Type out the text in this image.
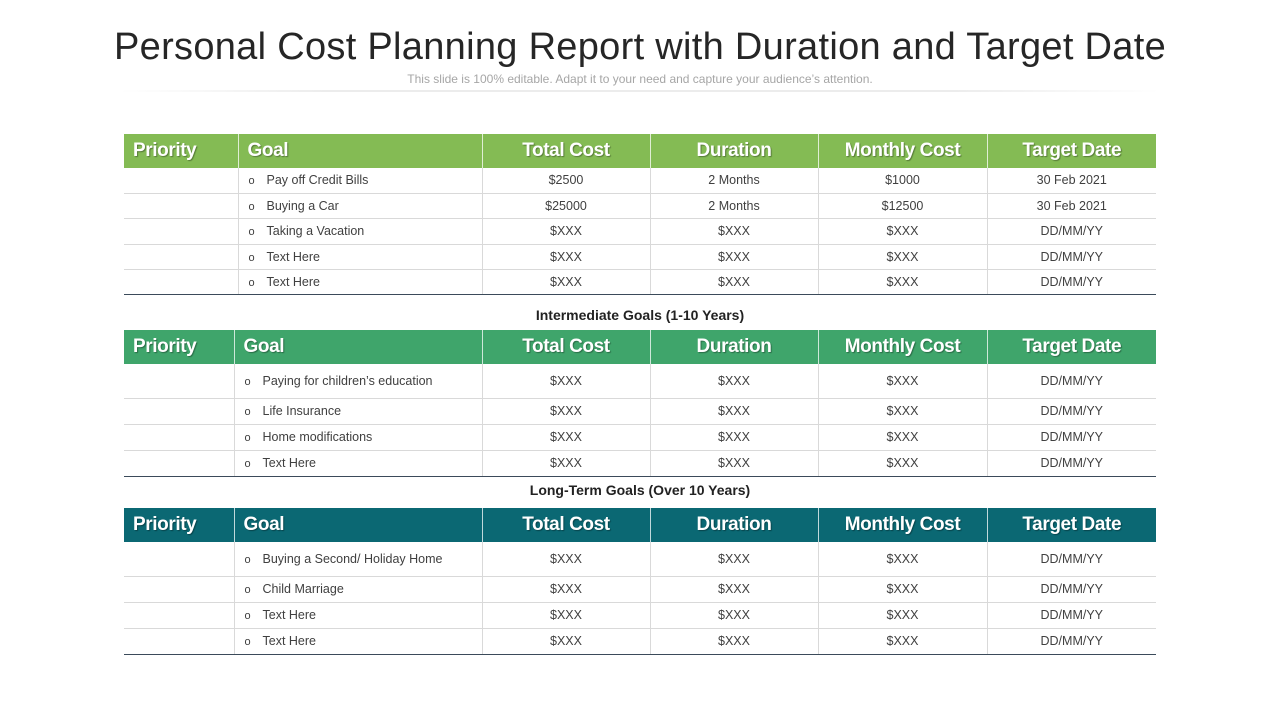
Personal Cost Planning Report with Duration and Target Date
This slide is 100% editable. Adapt it to your need and capture your audience’s attention.
Priority	Goal	Total Cost	Duration	Monthly Cost	Target Date
	o Pay off Credit Bills	$2500	2 Months	$1000	30 Feb 2021
	o Buying a Car	$25000	2 Months	$12500	30 Feb 2021
	o Taking a Vacation	$XXX	$XXX	$XXX	DD/MM/YY
	o Text Here	$XXX	$XXX	$XXX	DD/MM/YY
	o Text Here	$XXX	$XXX	$XXX	DD/MM/YY
Intermediate Goals (1-10 Years)
Priority	Goal	Total Cost	Duration	Monthly Cost	Target Date
	o Paying for children’s education	$XXX	$XXX	$XXX	DD/MM/YY
	o Life Insurance	$XXX	$XXX	$XXX	DD/MM/YY
	o Home modifications	$XXX	$XXX	$XXX	DD/MM/YY
	o Text Here	$XXX	$XXX	$XXX	DD/MM/YY
Long-Term Goals (Over 10 Years)
Priority	Goal	Total Cost	Duration	Monthly Cost	Target Date
	o Buying a Second/ Holiday Home	$XXX	$XXX	$XXX	DD/MM/YY
	o Child Marriage	$XXX	$XXX	$XXX	DD/MM/YY
	o Text Here	$XXX	$XXX	$XXX	DD/MM/YY
	o Text Here	$XXX	$XXX	$XXX	DD/MM/YY
